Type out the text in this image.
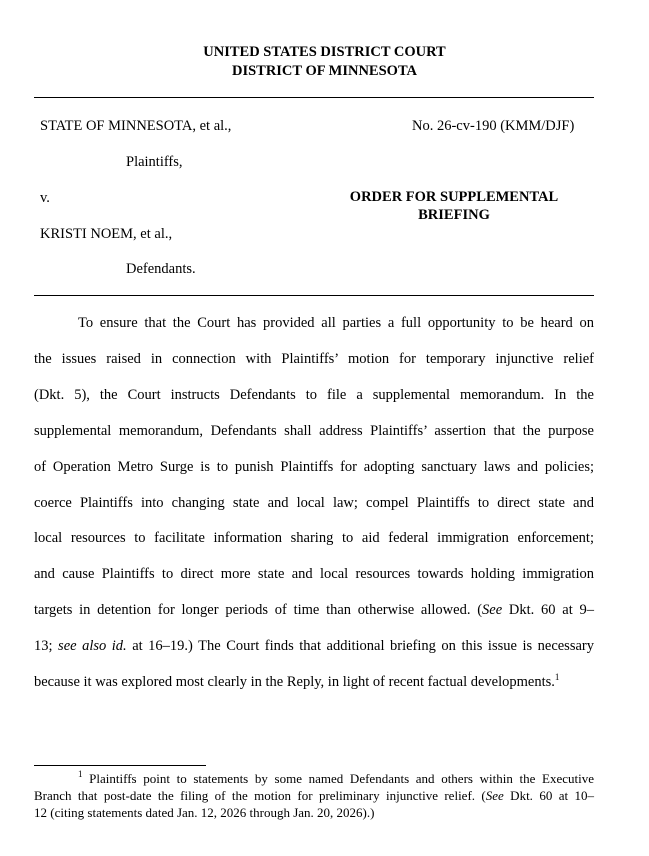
UNITED STATES DISTRICT COURT
DISTRICT OF MINNESOTA
STATE OF MINNESOTA, et al.,	No. 26-cv-190 (KMM/DJF)
Plaintiffs,
v.	ORDER FOR SUPPLEMENTAL
BRIEFING
KRISTI NOEM, et al.,
Defendants.
To ensure that the Court has provided all parties a full opportunity to be heard on
the issues raised in connection with Plaintiffs’ motion for temporary injunctive relief
(Dkt. 5), the Court instructs Defendants to file a supplemental memorandum. In the
supplemental memorandum, Defendants shall address Plaintiffs’ assertion that the purpose
of Operation Metro Surge is to punish Plaintiffs for adopting sanctuary laws and policies;
coerce Plaintiffs into changing state and local law; compel Plaintiffs to direct state and
local resources to facilitate information sharing to aid federal immigration enforcement;
and cause Plaintiffs to direct more state and local resources towards holding immigration
targets in detention for longer periods of time than otherwise allowed. (See Dkt. 60 at 9–
13; see also id. at 16–19.) The Court finds that additional briefing on this issue is necessary
because it was explored most clearly in the Reply, in light of recent factual developments.$^1$
$^1$ Plaintiffs point to statements by some named Defendants and others within the Executive
Branch that post-date the filing of the motion for preliminary injunctive relief. (See Dkt. 60 at 10–
12 (citing statements dated Jan. 12, 2026 through Jan. 20, 2026).)
